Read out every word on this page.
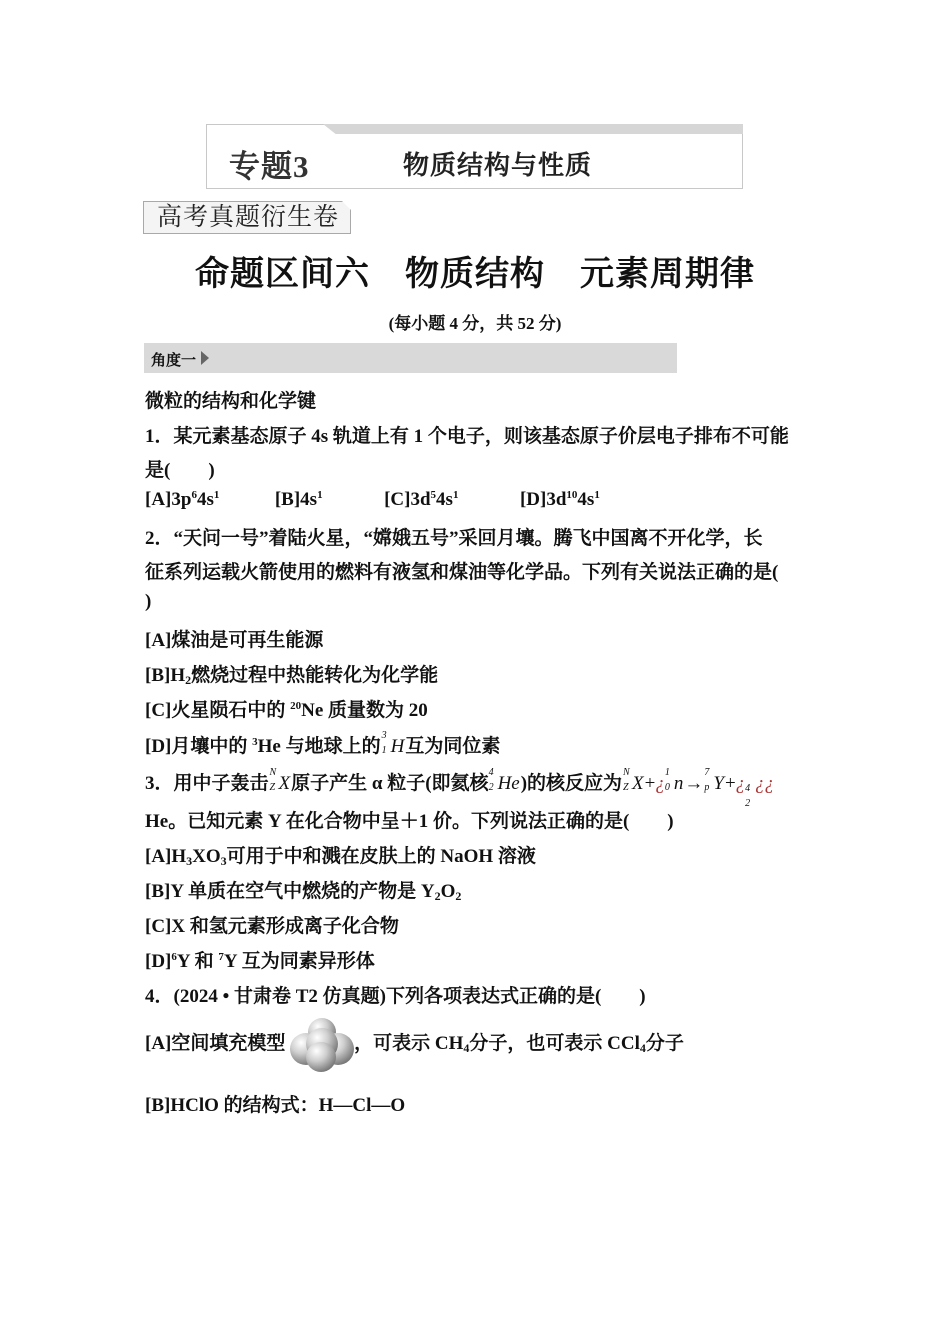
专题3	物质结构与性质
高考真题衍生卷
命题区间六　物质结构　元素周期律
(每小题 4 分，共 52 分)
角度一
微粒的结构和化学键
1．某元素基态原子 4s 轨道上有 1 个电子，则该基态原子价层电子排布不可能
是(　　)
$[A]3p^64s^1$	$[B]4s^1$	$[C]3d^54s^1$	$[D]3d^{10}4s^1$
2．“天问一号”着陆火星，“嫦娥五号”采回月壤。腾飞中国离不开化学，长
征系列运载火箭使用的燃料有液氢和煤油等化学品。下列有关说法正确的是(
)
[A]煤油是可再生能源
$[B]H_2$燃烧过程中热能转化为化学能
[C]火星陨石中的 $^{20}$Ne 质量数为 20
[D]月壤中的 $^3$He 与地球上的
3
1 H互为同位素
3．用中子轰击
N
Z X原子产生 α 粒子(即氦核
4
2 He)的核反应为
N
Z X+¿
1
0 n→
7
p Y+¿ 4
2
¿¿
He。已知元素 Y 在化合物中呈＋1 价。下列说法正确的是(　　)
$[A]H_3XO_3$可用于中和溅在皮肤上的 NaOH 溶液
[B]Y 单质在空气中燃烧的产物是 $Y_2O_2$
[C]X 和氢元素形成离子化合物
$[D]^6Y$ 和 $^7$Y 互为同素异形体
4．(2024 • 甘肃卷 T2 仿真题)下列各项表达式正确的是(　　)
[A]空间填充模型	，可表示 $CH_4$分子，也可表示 CCl$_4$分子
[B]HClO 的结构式：H—Cl—O
